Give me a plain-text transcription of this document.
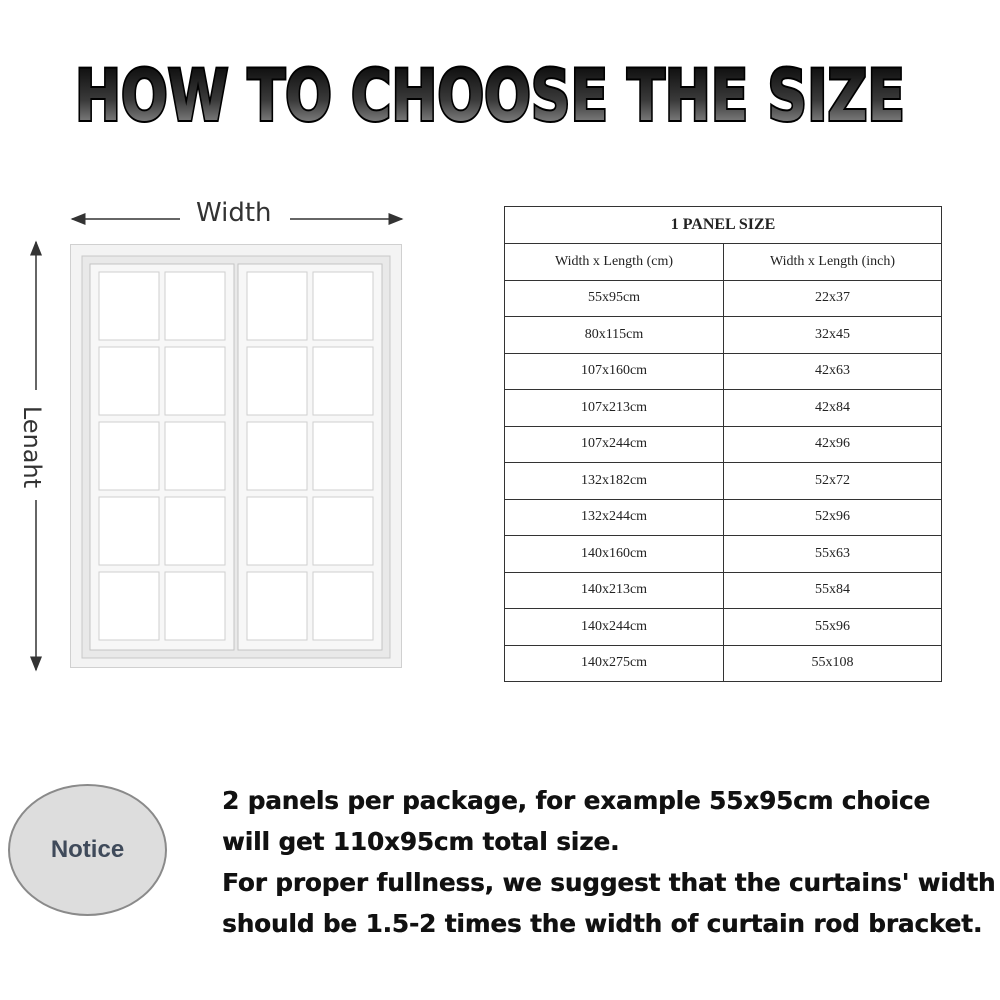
HOW TO CHOOSE THE SIZE
Width
Lenaht
1 PANEL SIZE	
Width x Length (cm)	Width x Length (inch)
55x95cm	22x37
80x115cm	32x45
107x160cm	42x63
107x213cm	42x84
107x244cm	42x96
132x182cm	52x72
132x244cm	52x96
140x160cm	55x63
140x213cm	55x84
140x244cm	55x96
140x275cm	55x108
Notice
2 panels per package, for example 55x95cm choice
will get 110x95cm total size.
For proper fullness, we suggest that the curtains' width
should be 1.5-2 times the width of curtain rod bracket.
